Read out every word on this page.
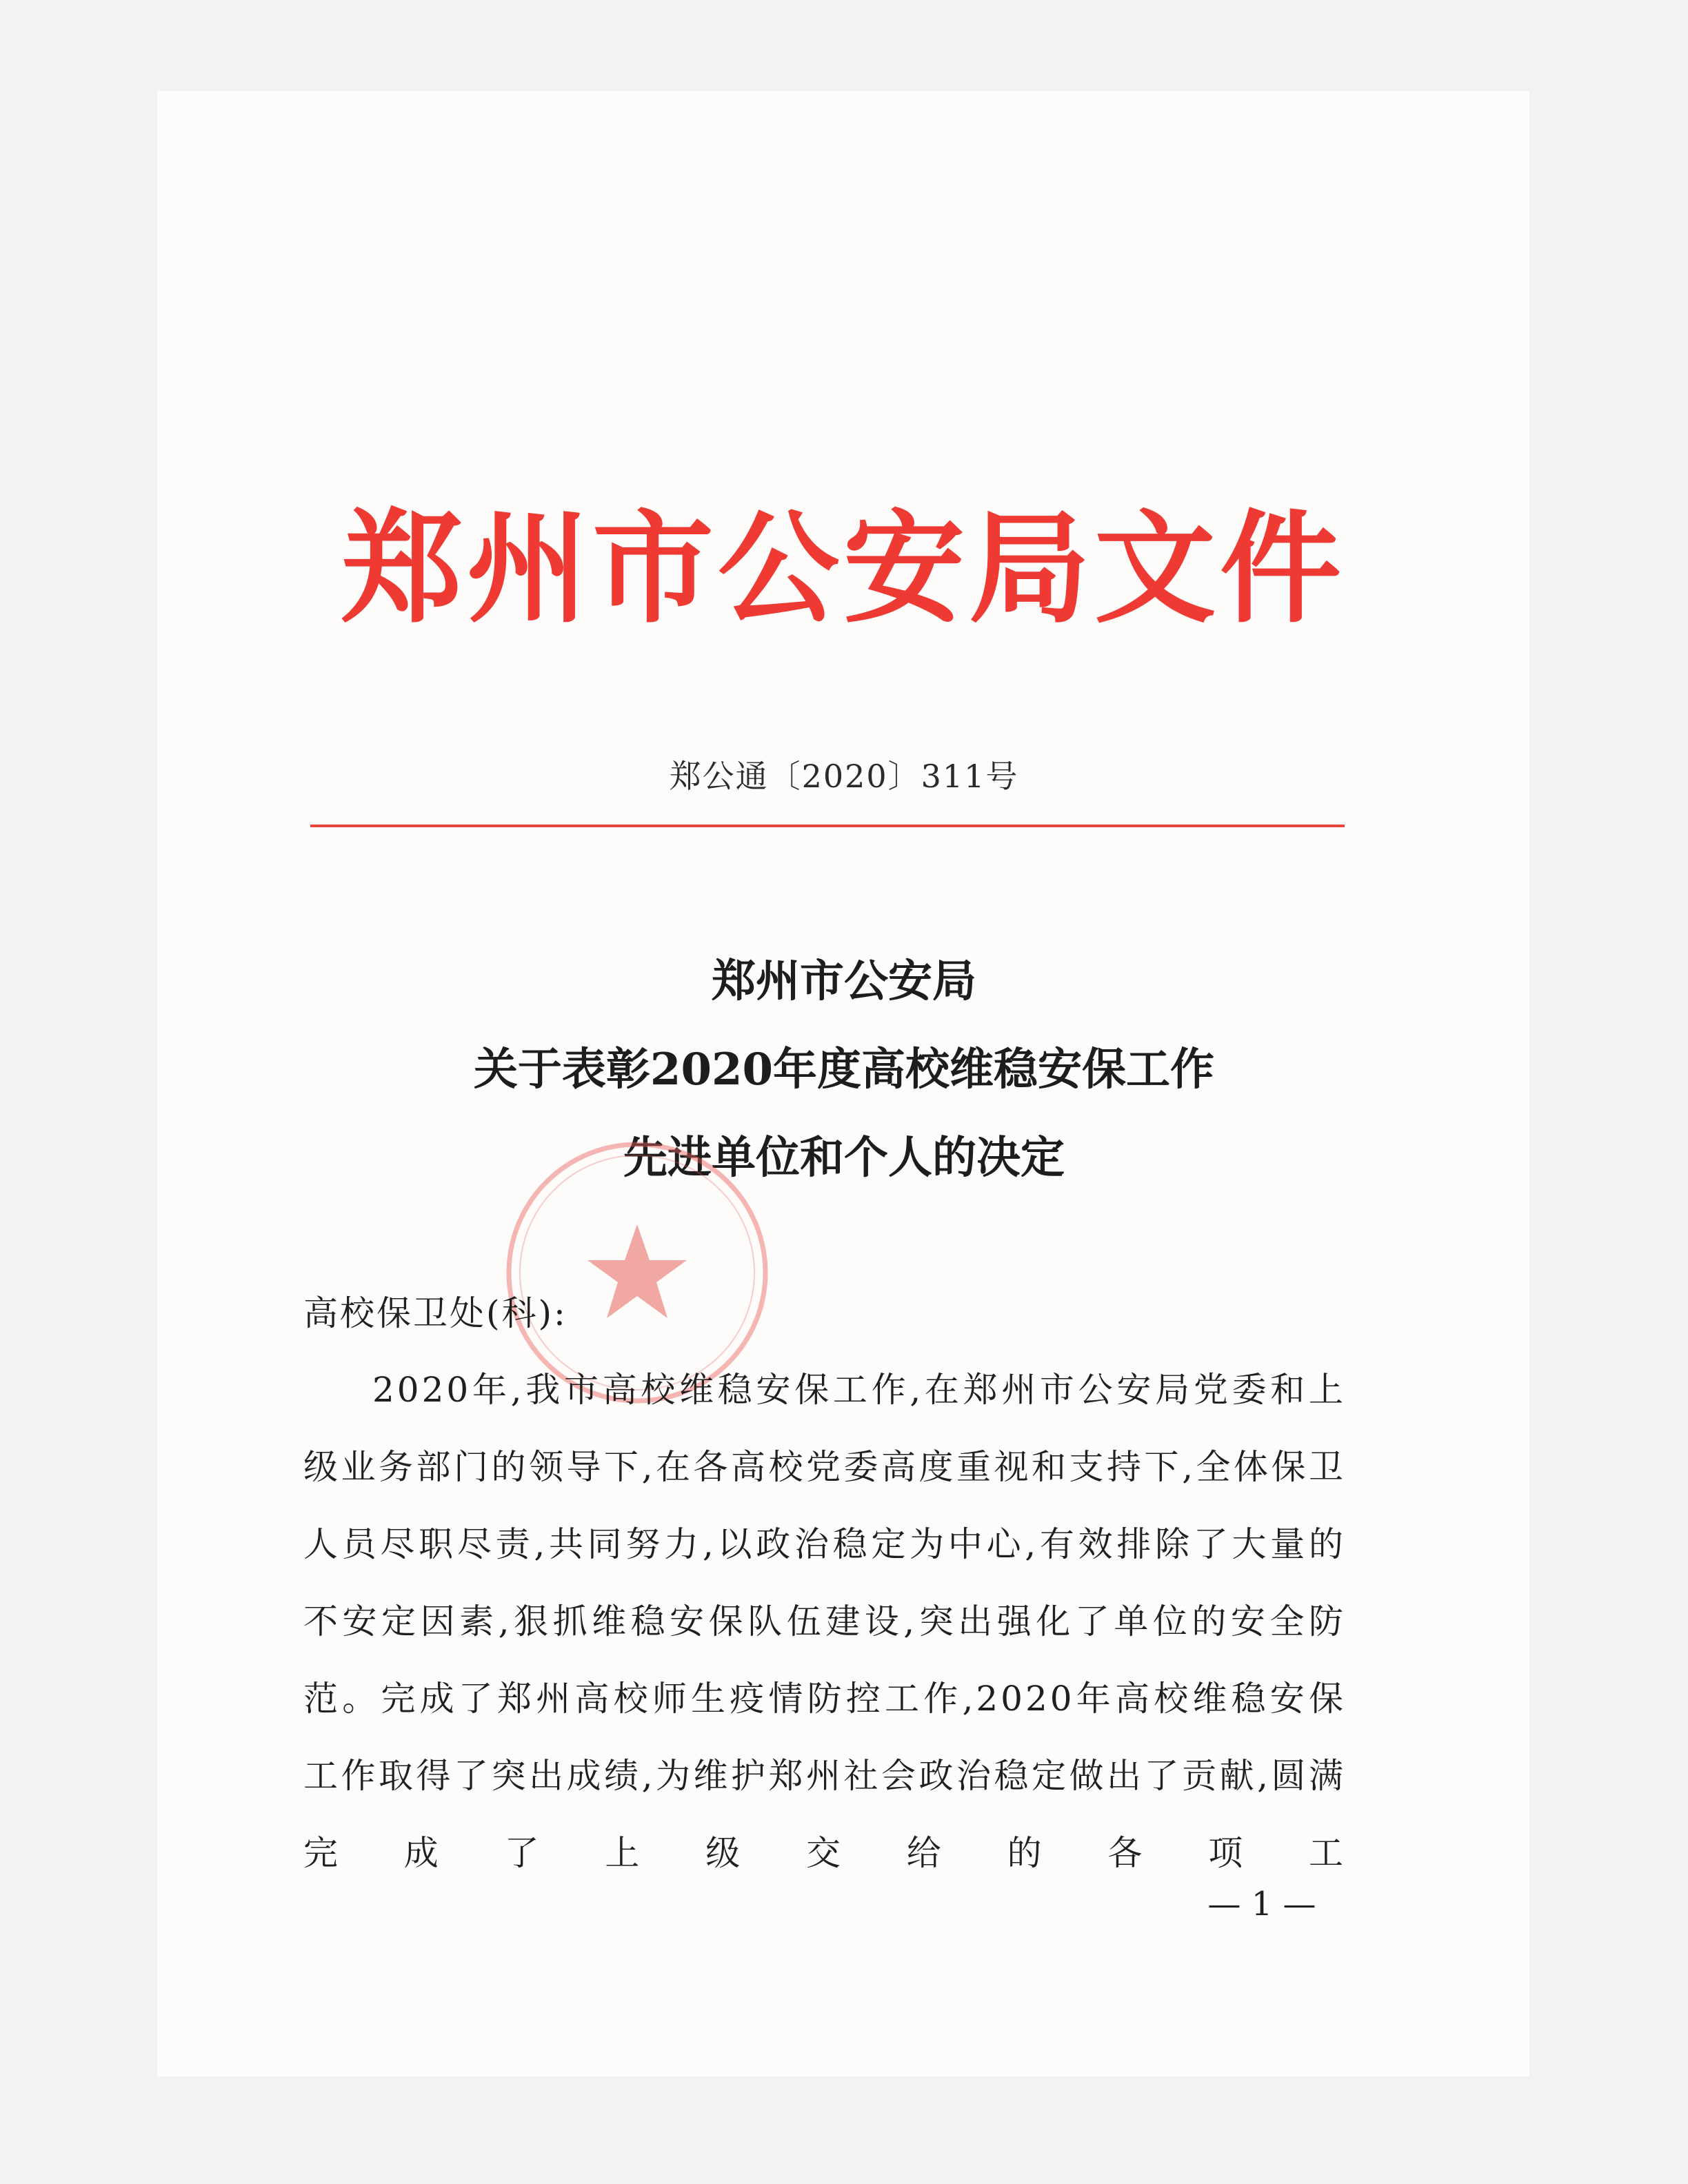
郑州市公安局文件
郑公通〔2020〕311号
郑州市公安局
关于表彰2020年度高校维稳安保工作
先进单位和个人的决定
高校保卫处(科):
2020年,我市高校维稳安保工作,在郑州市公安局党委和上级业务部门的领导下,在各高校党委高度重视和支持下,全体保卫人员尽职尽责,共同努力,以政治稳定为中心,有效排除了大量的不安定因素,狠抓维稳安保队伍建设,突出强化了单位的安全防范。完成了郑州高校师生疫情防控工作,2020年高校维稳安保工作取得了突出成绩,为维护郑州社会政治稳定做出了贡献,圆满完成了上级交给的各项工
— 1 —
